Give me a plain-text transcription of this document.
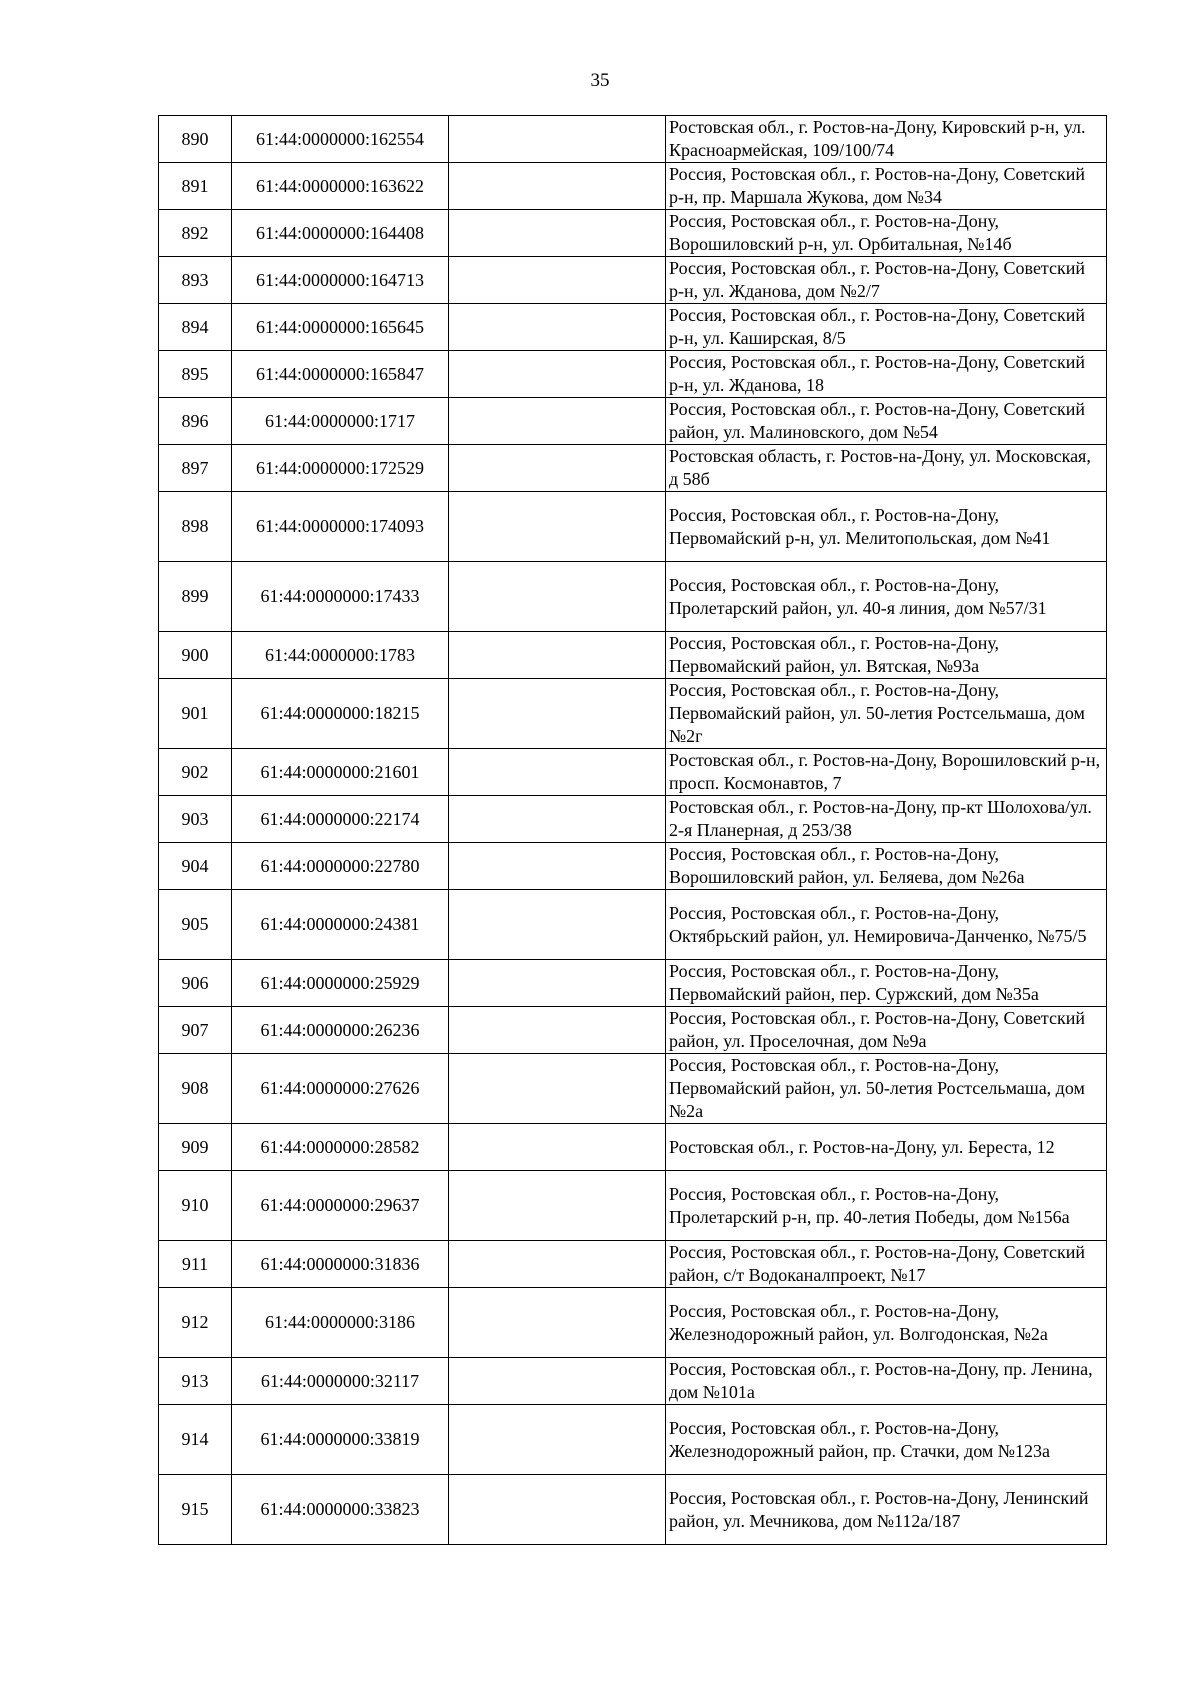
35
890	61:44:0000000:162554		Ростовская обл., г. Ростов-на-Дону, Кировский р-н, ул. Красноармейская, 109/100/74
891	61:44:0000000:163622		Россия, Ростовская обл., г. Ростов-на-Дону, Советский р-н, пр. Маршала Жукова, дом №34
892	61:44:0000000:164408		Россия, Ростовская обл., г. Ростов-на-Дону, Ворошиловский р-н, ул. Орбитальная, №14б
893	61:44:0000000:164713		Россия, Ростовская обл., г. Ростов-на-Дону, Советский р-н, ул. Жданова, дом №2/7
894	61:44:0000000:165645		Россия, Ростовская обл., г. Ростов-на-Дону, Советский р-н, ул. Каширская, 8/5
895	61:44:0000000:165847		Россия, Ростовская обл., г. Ростов-на-Дону, Советский р-н, ул. Жданова, 18
896	61:44:0000000:1717		Россия, Ростовская обл., г. Ростов-на-Дону, Советский район, ул. Малиновского, дом №54
897	61:44:0000000:172529		Ростовская область, г. Ростов-на-Дону, ул. Московская, д 58б
898	61:44:0000000:174093		Россия, Ростовская обл., г. Ростов-на-Дону, Первомайский р-н, ул. Мелитопольская, дом №41
899	61:44:0000000:17433		Россия, Ростовская обл., г. Ростов-на-Дону, Пролетарский район, ул. 40-я линия, дом №57/31
900	61:44:0000000:1783		Россия, Ростовская обл., г. Ростов-на-Дону, Первомайский район, ул. Вятская, №93а
901	61:44:0000000:18215		Россия, Ростовская обл., г. Ростов-на-Дону, Первомайский район, ул. 50-летия Ростсельмаша, дом №2г
902	61:44:0000000:21601		Ростовская обл., г. Ростов-на-Дону, Ворошиловский р-н, просп. Космонавтов, 7
903	61:44:0000000:22174		Ростовская обл., г. Ростов-на-Дону, пр-кт Шолохова/ул. 2-я Планерная, д 253/38
904	61:44:0000000:22780		Россия, Ростовская обл., г. Ростов-на-Дону, Ворошиловский район, ул. Беляева, дом №26а
905	61:44:0000000:24381		Россия, Ростовская обл., г. Ростов-на-Дону, Октябрьский район, ул. Немировича-Данченко, №75/5
906	61:44:0000000:25929		Россия, Ростовская обл., г. Ростов-на-Дону, Первомайский район, пер. Суржский, дом №35а
907	61:44:0000000:26236		Россия, Ростовская обл., г. Ростов-на-Дону, Советский район, ул. Проселочная, дом №9а
908	61:44:0000000:27626		Россия, Ростовская обл., г. Ростов-на-Дону, Первомайский район, ул. 50-летия Ростсельмаша, дом №2а
909	61:44:0000000:28582		Ростовская обл., г. Ростов-на-Дону, ул. Береста, 12
910	61:44:0000000:29637		Россия, Ростовская обл., г. Ростов-на-Дону, Пролетарский р-н, пр. 40-летия Победы, дом №156а
911	61:44:0000000:31836		Россия, Ростовская обл., г. Ростов-на-Дону, Советский район, с/т Водоканалпроект, №17
912	61:44:0000000:3186		Россия, Ростовская обл., г. Ростов-на-Дону, Железнодорожный район, ул. Волгодонская, №2а
913	61:44:0000000:32117		Россия, Ростовская обл., г. Ростов-на-Дону, пр. Ленина, дом №101а
914	61:44:0000000:33819		Россия, Ростовская обл., г. Ростов-на-Дону, Железнодорожный район, пр. Стачки, дом №123а
915	61:44:0000000:33823		Россия, Ростовская обл., г. Ростов-на-Дону, Ленинский район, ул. Мечникова, дом №112а/187
